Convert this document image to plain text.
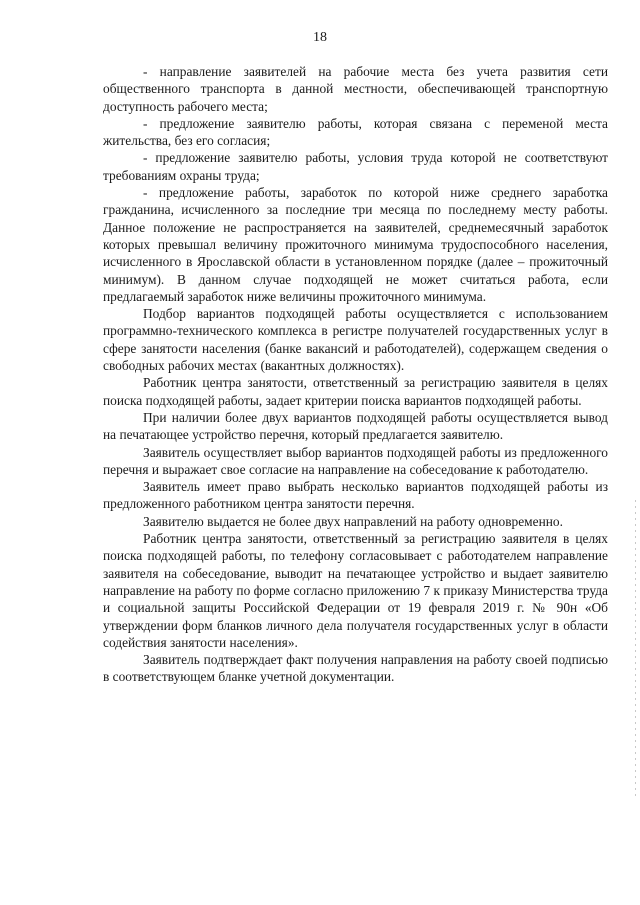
18

- направление заявителей на рабочие места без учета развития сети общественного транспорта в данной местности, обеспечивающей транспортную доступность рабочего места;

- предложение заявителю работы, которая связана с переменой места жительства, без его согласия;

- предложение заявителю работы, условия труда которой не соответствуют требованиям охраны труда;

- предложение работы, заработок по которой ниже среднего заработка гражданина, исчисленного за последние три месяца по последнему месту работы. Данное положение не распространяется на заявителей, среднемесячный заработок которых превышал величину прожиточного минимума трудоспособного населения, исчисленного в Ярославской области в установленном порядке (далее – прожиточный минимум). В данном случае подходящей не может считаться работа, если предлагаемый заработок ниже величины прожиточного минимума.

Подбор вариантов подходящей работы осуществляется с использованием программно-технического комплекса в регистре получателей государственных услуг в сфере занятости населения (банке вакансий и работодателей), содержащем сведения о свободных рабочих местах (вакантных должностях).

Работник центра занятости, ответственный за регистрацию заявителя в целях поиска подходящей работы, задает критерии поиска вариантов подходящей работы.

При наличии более двух вариантов подходящей работы осуществляется вывод на печатающее устройство перечня, который предлагается заявителю.

Заявитель осуществляет выбор вариантов подходящей работы из предложенного перечня и выражает свое согласие на направление на собеседование к работодателю.

Заявитель имеет право выбрать несколько вариантов подходящей работы из предложенного работником центра занятости перечня.

Заявителю выдается не более двух направлений на работу одновременно.

Работник центра занятости, ответственный за регистрацию заявителя в целях поиска подходящей работы, по телефону согласовывает с работодателем направление заявителя на собеседование, выводит на печатающее устройство и выдает заявителю направление на работу по форме согласно приложению 7 к приказу Министерства труда и социальной защиты Российской Федерации от 19 февраля 2019 г. № 90н «Об утверждении форм бланков личного дела получателя государственных услуг в области содействия занятости населения».

Заявитель подтверждает факт получения направления на работу своей подписью в соответствующем бланке учетной документации.
